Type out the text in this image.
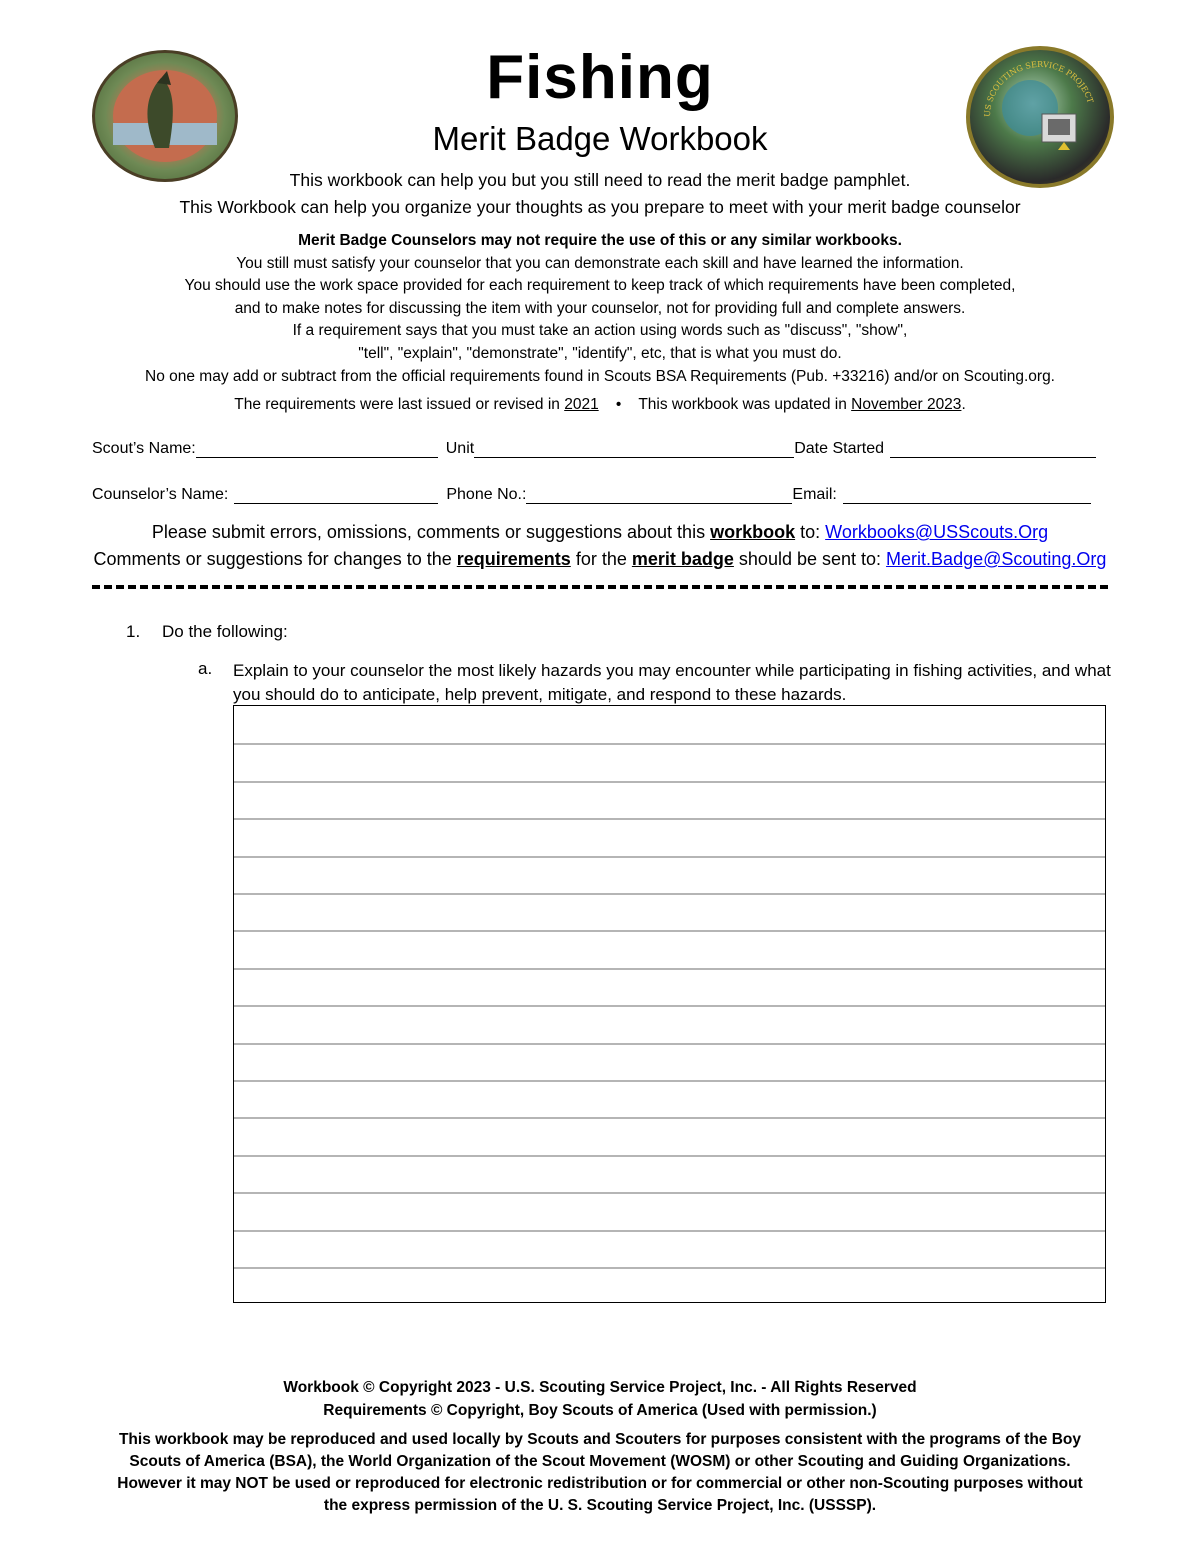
US SCOUTING SERVICE PROJECT
Fishing
Merit Badge Workbook
This workbook can help you but you still need to read the merit badge pamphlet.
This Workbook can help you organize your thoughts as you prepare to meet with your merit badge counselor
Merit Badge Counselors may not require the use of this or any similar workbooks.
You still must satisfy your counselor that you can demonstrate each skill and have learned the information.
You should use the work space provided for each requirement to keep track of which requirements have been completed,
and to make notes for discussing the item with your counselor, not for providing full and complete answers.
If a requirement says that you must take an action using words such as "discuss", "show",
"tell", "explain", "demonstrate", "identify", etc, that is what you must do.
No one may add or subtract from the official requirements found in Scouts BSA Requirements (Pub. +33216) and/or on Scouting.org.
The requirements were last issued or revised in 2021 • This workbook was updated in November 2023.
Scout’s Name:	Unit	Date Started
Counselor’s Name:	Phone No.:	Email:
Please submit errors, omissions, comments or suggestions about this workbook to: Workbooks@USScouts.Org
Comments or suggestions for changes to the requirements for the merit badge should be sent to: Merit.Badge@Scouting.Org
1. Do the following:
a. Explain to your counselor the most likely hazards you may encounter while participating in fishing activities, and what you should do to anticipate, help prevent, mitigate, and respond to these hazards.
Workbook © Copyright 2023 - U.S. Scouting Service Project, Inc. - All Rights Reserved
Requirements © Copyright, Boy Scouts of America (Used with permission.)
This workbook may be reproduced and used locally by Scouts and Scouters for purposes consistent with the programs of the Boy
Scouts of America (BSA), the World Organization of the Scout Movement (WOSM) or other Scouting and Guiding Organizations.
However it may NOT be used or reproduced for electronic redistribution or for commercial or other non-Scouting purposes without
the express permission of the U. S. Scouting Service Project, Inc. (USSSP).
